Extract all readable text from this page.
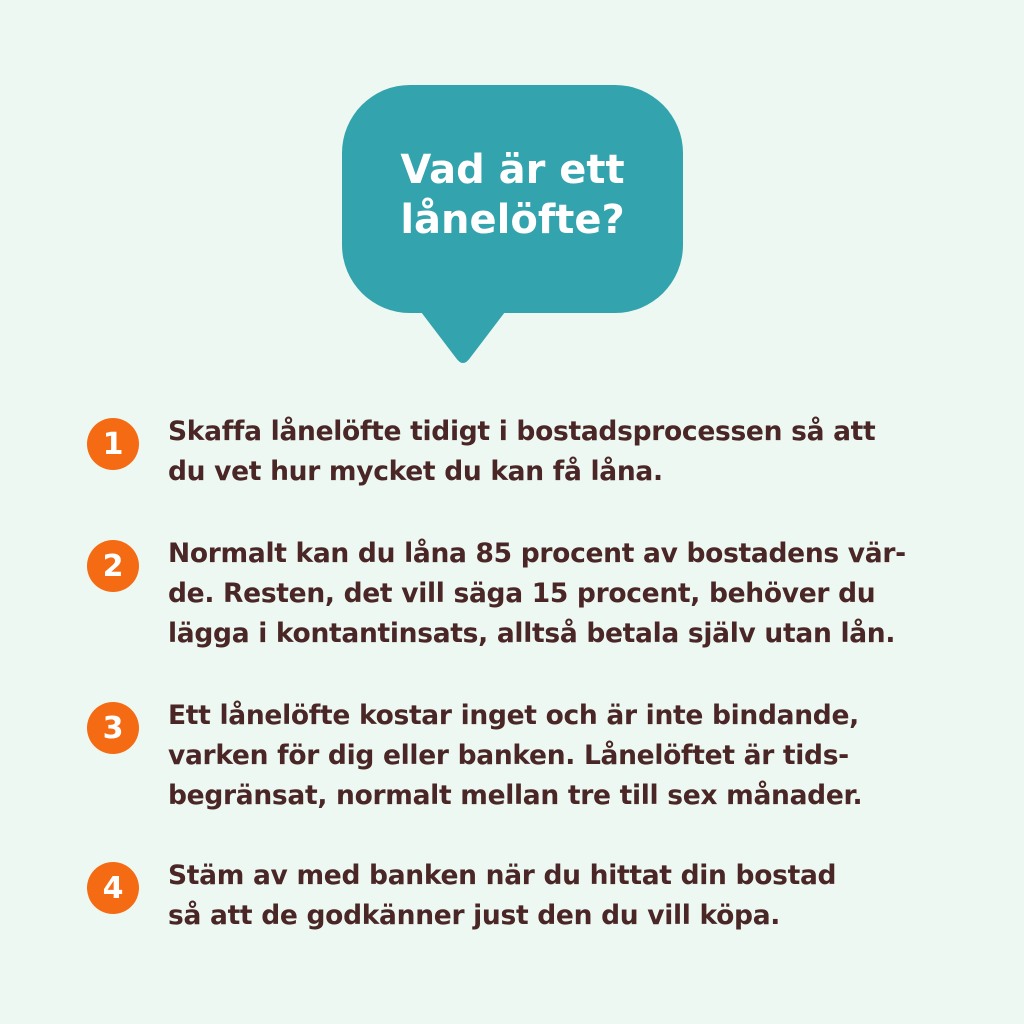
Vad är ett
lånelöfte?
1	Skaffa lånelöfte tidigt i bostadsprocessen så att
du vet hur mycket du kan få låna.
2	Normalt kan du låna 85 procent av bostadens vär-
de. Resten, det vill säga 15 procent, behöver du
lägga i kontantinsats, alltså betala själv utan lån.
3	Ett lånelöfte kostar inget och är inte bindande,
varken för dig eller banken. Lånelöftet är tids-
begränsat, normalt mellan tre till sex månader.
4	Stäm av med banken när du hittat din bostad
så att de godkänner just den du vill köpa.
